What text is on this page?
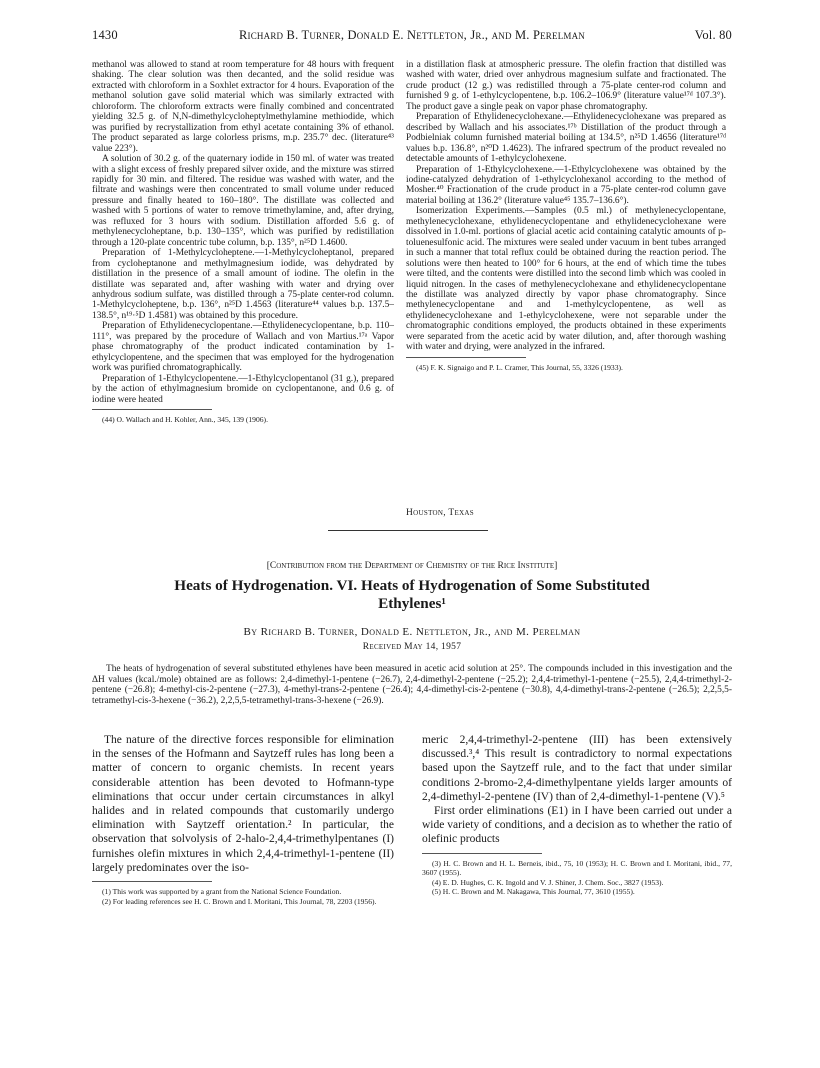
1430	Richard B. Turner, Donald E. Nettleton, Jr., and M. Perelman	Vol. 80

methanol was allowed to stand at room temperature for 48 hours with frequent shaking. The clear solution was then decanted, and the solid residue was extracted with chloroform in a Soxhlet extractor for 4 hours. Evaporation of the methanol solution gave solid material which was similarly extracted with chloroform. The chloroform extracts were finally combined and concentrated yielding 32.5 g. of N,N-dimethylcycloheptylmethylamine methiodide, which was purified by recrystallization from ethyl acetate containing 3% of ethanol. The product separated as large colorless prisms, m.p. 235.7° dec. (literature⁴³ value 223°).

A solution of 30.2 g. of the quaternary iodide in 150 ml. of water was treated with a slight excess of freshly prepared silver oxide, and the mixture was stirred rapidly for 30 min. and filtered. The residue was washed with water, and the filtrate and washings were then concentrated to small volume under reduced pressure and finally heated to 160–180°. The distillate was collected and washed with 5 portions of water to remove trimethylamine, and, after drying, was refluxed for 3 hours with sodium. Distillation afforded 5.6 g. of methylenecycloheptane, b.p. 130–135°, which was purified by redistillation through a 120-plate concentric tube column, b.p. 135°, n²⁵D 1.4600.

Preparation of 1-Methylcycloheptene.—1-Methylcycloheptanol, prepared from cycloheptanone and methylmagnesium iodide, was dehydrated by distillation in the presence of a small amount of iodine. The olefin in the distillate was separated and, after washing with water and drying over anhydrous sodium sulfate, was distilled through a 75-plate center-rod column. 1-Methylcycloheptene, b.p. 136°, n²⁵D 1.4563 (literature⁴⁴ values b.p. 137.5–138.5°, n¹⁹·⁵D 1.4581) was obtained by this procedure.

Preparation of Ethylidenecyclopentane.—Ethylidenecyclopentane, b.p. 110–111°, was prepared by the procedure of Wallach and von Martius.¹⁷ᵃ Vapor phase chromatography of the product indicated contamination by 1-ethylcyclopentene, and the specimen that was employed for the hydrogenation work was purified chromatographically.

Preparation of 1-Ethylcyclopentene.—1-Ethylcyclopentanol (31 g.), prepared by the action of ethylmagnesium bromide on cyclopentanone, and 0.6 g. of iodine were heated

(44) O. Wallach and H. Kohler, Ann., 345, 139 (1906).

in a distillation flask at atmospheric pressure. The olefin fraction that distilled was washed with water, dried over anhydrous magnesium sulfate and fractionated. The crude product (12 g.) was redistilled through a 75-plate center-rod column and furnished 9 g. of 1-ethylcyclopentene, b.p. 106.2–106.9° (literature value¹⁷ᵈ 107.3°). The product gave a single peak on vapor phase chromatography.

Preparation of Ethylidenecyclohexane.—Ethylidenecyclohexane was prepared as described by Wallach and his associates.¹⁷ᵇ Distillation of the product through a Podbielniak column furnished material boiling at 134.5°, n²⁵D 1.4656 (literature¹⁷ᵈ values b.p. 136.8°, n²⁰D 1.4623). The infrared spectrum of the product revealed no detectable amounts of 1-ethylcyclohexene.

Preparation of 1-Ethylcyclohexene.—1-Ethylcyclohexene was obtained by the iodine-catalyzed dehydration of 1-ethylcyclohexanol according to the method of Mosher.⁴⁰ Fractionation of the crude product in a 75-plate center-rod column gave material boiling at 136.2° (literature value⁴⁵ 135.7–136.6°).

Isomerization Experiments.—Samples (0.5 ml.) of methylenecyclopentane, methylenecyclohexane, ethylidenecyclopentane and ethylidenecyclohexane were dissolved in 1.0-ml. portions of glacial acetic acid containing catalytic amounts of p-toluenesulfonic acid. The mixtures were sealed under vacuum in bent tubes arranged in such a manner that total reflux could be obtained during the reaction period. The solutions were then heated to 100° for 6 hours, at the end of which time the tubes were tilted, and the contents were distilled into the second limb which was cooled in liquid nitrogen. In the cases of methylenecyclohexane and ethylidenecyclopentane the distillate was analyzed directly by vapor phase chromatography. Since methylenecyclopentane and and 1-methylcyclopentene, as well as ethylidenecyclohexane and 1-ethylcyclohexene, were not separable under the chromatographic conditions employed, the products obtained in these experiments were separated from the acetic acid by water dilution, and, after thorough washing with water and drying, were analyzed in the infrared.

(45) F. K. Signaigo and P. L. Cramer, This Journal, 55, 3326 (1933).

Houston, Texas
[Contribution from the Department of Chemistry of the Rice Institute]
Heats of Hydrogenation. VI. Heats of Hydrogenation of Some Substituted
Ethylenes¹
By Richard B. Turner, Donald E. Nettleton, Jr., and M. Perelman
Received May 14, 1957
The heats of hydrogenation of several substituted ethylenes have been measured in acetic acid solution at 25°. The compounds included in this investigation and the ΔH values (kcal./mole) obtained are as follows: 2,4-dimethyl-1-pentene (−26.7), 2,4-dimethyl-2-pentene (−25.2); 2,4,4-trimethyl-1-pentene (−25.5), 2,4,4-trimethyl-2-pentene (−26.8); 4-methyl-cis-2-pentene (−27.3), 4-methyl-trans-2-pentene (−26.4); 4,4-dimethyl-cis-2-pentene (−30.8), 4,4-dimethyl-trans-2-pentene (−26.5); 2,2,5,5-tetramethyl-cis-3-hexene (−36.2), 2,2,5,5-tetramethyl-trans-3-hexene (−26.9).

The nature of the directive forces responsible for elimination in the senses of the Hofmann and Saytzeff rules has long been a matter of concern to organic chemists. In recent years considerable attention has been devoted to Hofmann-type eliminations that occur under certain circumstances in alkyl halides and in related compounds that customarily undergo elimination with Saytzeff orientation.² In particular, the observation that solvolysis of 2-halo-2,4,4-trimethylpentanes (I) furnishes olefin mixtures in which 2,4,4-trimethyl-1-pentene (II) largely predominates over the iso-

(1) This work was supported by a grant from the National Science Foundation.

(2) For leading references see H. C. Brown and I. Moritani, This Journal, 78, 2203 (1956).

meric 2,4,4-trimethyl-2-pentene (III) has been extensively discussed.³,⁴ This result is contradictory to normal expectations based upon the Saytzeff rule, and to the fact that under similar conditions 2-bromo-2,4-dimethylpentane yields larger amounts of 2,4-dimethyl-2-pentene (IV) than of 2,4-dimethyl-1-pentene (V).⁵

First order eliminations (E1) in I have been carried out under a wide variety of conditions, and a decision as to whether the ratio of olefinic products

(3) H. C. Brown and H. L. Berneis, ibid., 75, 10 (1953); H. C. Brown and I. Moritani, ibid., 77, 3607 (1955).

(4) E. D. Hughes, C. K. Ingold and V. J. Shiner, J. Chem. Soc., 3827 (1953).

(5) H. C. Brown and M. Nakagawa, This Journal, 77, 3610 (1955).
